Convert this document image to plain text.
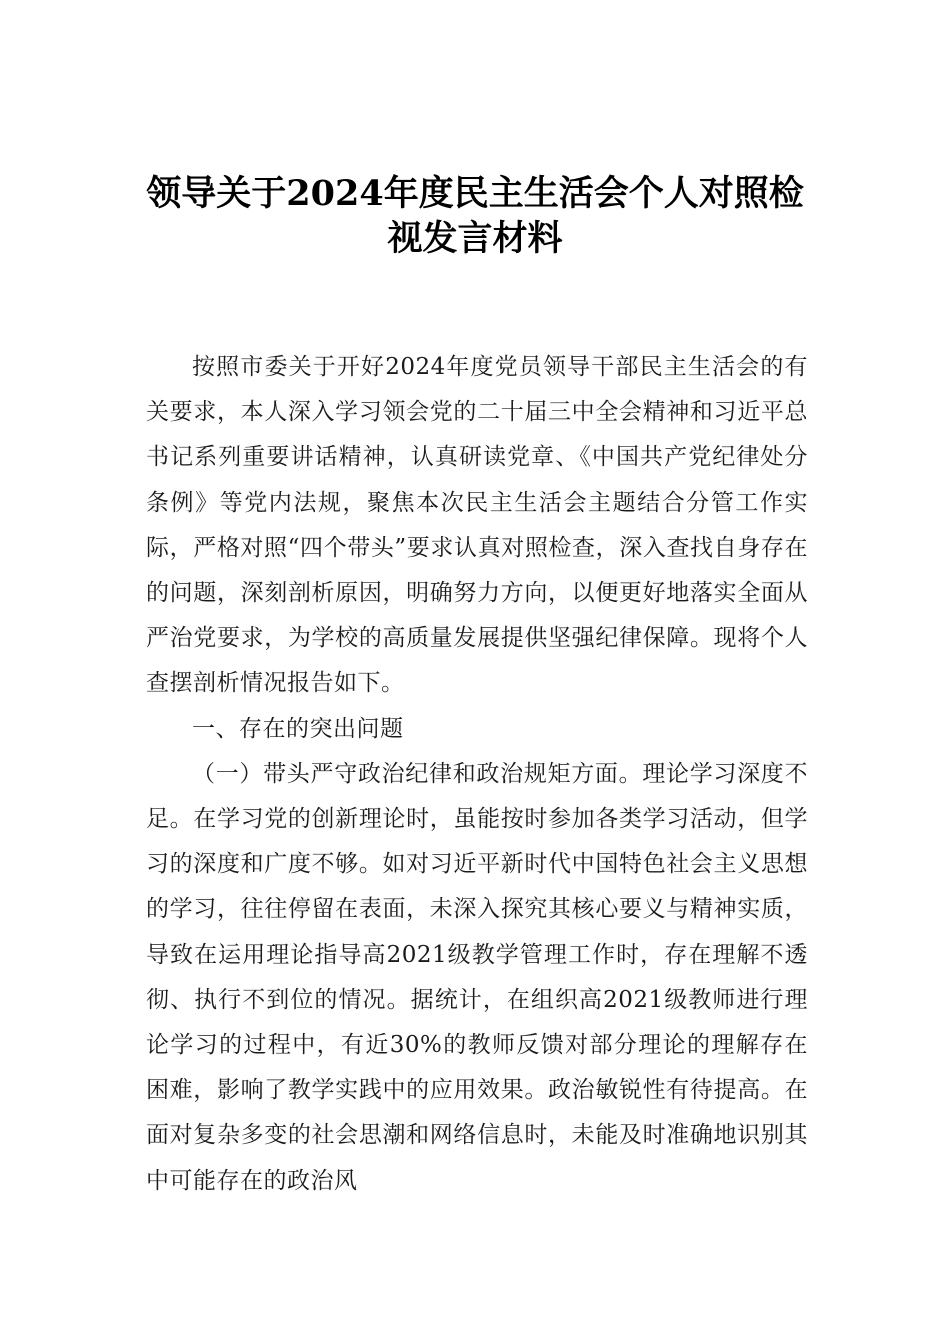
领导关于2024年度民主生活会个人对照检
视发言材料

按照市委关于开好2024年度党员领导干部民主生活会的有关要求，本人深入学习领会党的二十届三中全会精神和习近平总书记系列重要讲话精神，认真研读党章、《中国共产党纪律处分条例》等党内法规，聚焦本次民主生活会主题结合分管工作实际，严格对照“四个带头”要求认真对照检查，深入查找自身存在的问题，深刻剖析原因，明确努力方向，以便更好地落实全面从严治党要求，为学校的高质量发展提供坚强纪律保障。现将个人查摆剖析情况报告如下。

一、存在的突出问题

（一）带头严守政治纪律和政治规矩方面。理论学习深度不足。在学习党的创新理论时，虽能按时参加各类学习活动，但学习的深度和广度不够。如对习近平新时代中国特色社会主义思想的学习，往往停留在表面，未深入探究其核心要义与精神实质，导致在运用理论指导高2021级教学管理工作时，存在理解不透彻、执行不到位的情况。据统计，在组织高2021级教师进行理论学习的过程中，有近30%的教师反馈对部分理论的理解存在困难，影响了教学实践中的应用效果。政治敏锐性有待提高。在面对复杂多变的社会思潮和网络信息时，未能及时准确地识别其中可能存在的政治风
